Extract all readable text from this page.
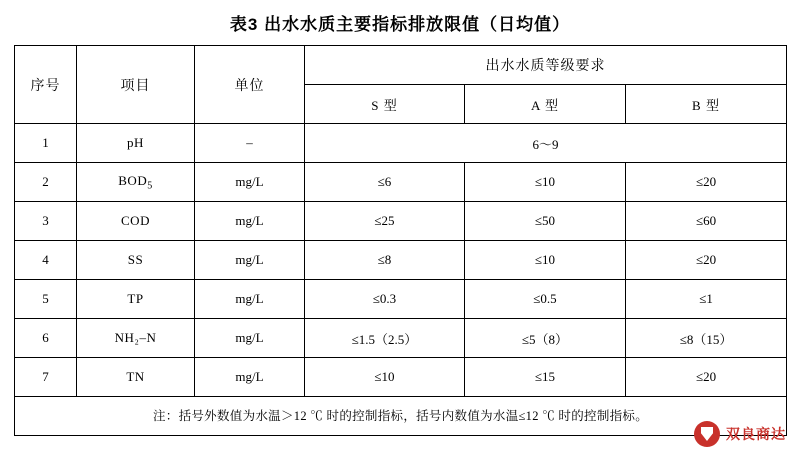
表3 出水水质主要指标排放限值（日均值）
序号	项目	单位	出水水质等级要求		
			S 型	A 型	B 型
1	pH	–	6～9		
2	$BOD_5$	mg/L	≤6	≤10	≤20
3	COD	mg/L	≤25	≤50	≤60
4	SS	mg/L	≤8	≤10	≤20
5	TP	mg/L	≤0.3	≤0.5	≤1
6	NH₂–N	mg/L	≤1.5（2.5）	≤5（8）	≤8（15）
7	TN	mg/L	≤10	≤15	≤20
注：括号外数值为水温＞12 ℃ 时的控制指标，括号内数值为水温≤12 ℃ 时的控制指标。					
双良商达
